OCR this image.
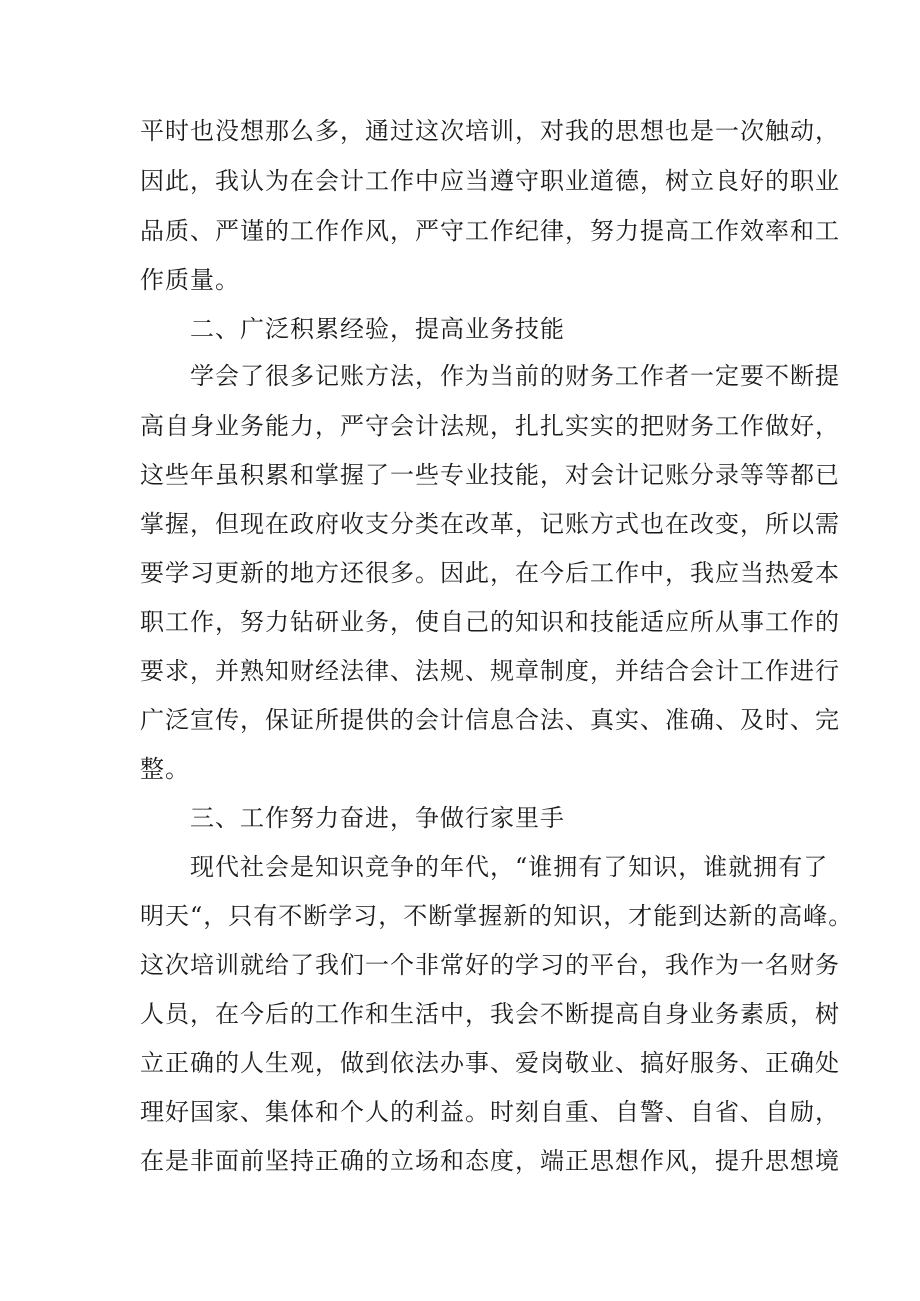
平时也没想那么多，通过这次培训，对我的思想也是一次触动，
因此，我认为在会计工作中应当遵守职业道德，树立良好的职业
品质、严谨的工作作风，严守工作纪律，努力提高工作效率和工
作质量。
二、广泛积累经验，提高业务技能
学会了很多记账方法，作为当前的财务工作者一定要不断提
高自身业务能力，严守会计法规，扎扎实实的把财务工作做好，
这些年虽积累和掌握了一些专业技能，对会计记账分录等等都已
掌握，但现在政府收支分类在改革，记账方式也在改变，所以需
要学习更新的地方还很多。因此，在今后工作中，我应当热爱本
职工作，努力钻研业务，使自己的知识和技能适应所从事工作的
要求，并熟知财经法律、法规、规章制度，并结合会计工作进行
广泛宣传，保证所提供的会计信息合法、真实、准确、及时、完
整。
三、工作努力奋进，争做行家里手
现代社会是知识竞争的年代，“谁拥有了知识，谁就拥有了
明天“，只有不断学习，不断掌握新的知识，才能到达新的高峰。
这次培训就给了我们一个非常好的学习的平台，我作为一名财务
人员，在今后的工作和生活中，我会不断提高自身业务素质，树
立正确的人生观，做到依法办事、爱岗敬业、搞好服务、正确处
理好国家、集体和个人的利益。时刻自重、自警、自省、自励，
在是非面前坚持正确的立场和态度，端正思想作风，提升思想境
